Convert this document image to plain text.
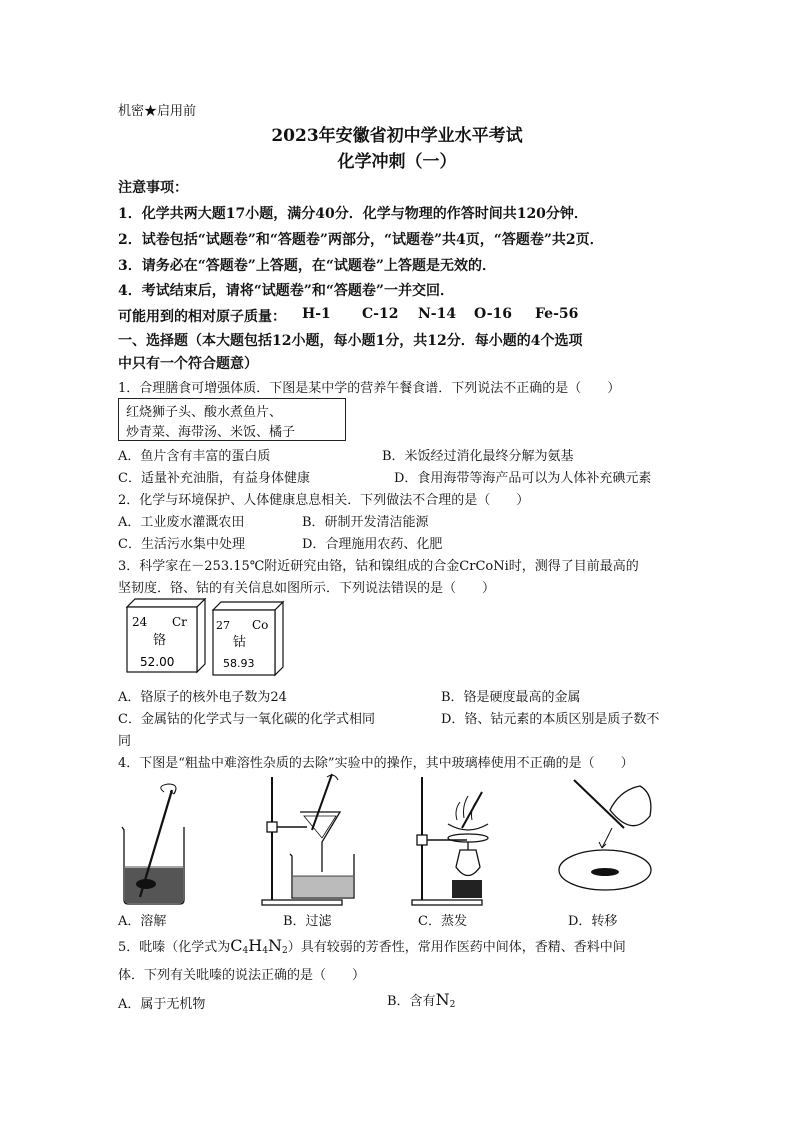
机密★启用前
2023年安徽省初中学业水平考试
化学冲刺（一）
注意事项：
1．化学共两大题17小题，满分40分．化学与物理的作答时间共120分钟．
2．试卷包括“试题卷”和“答题卷”两部分，“试题卷”共4页，“答题卷”共2页．
3．请务必在“答题卷”上答题，在“试题卷”上答题是无效的．
4．考试结束后，请将“试题卷”和“答题卷”一并交回．
可能用到的相对原子质量： H-1 C-12 N-14 O-16 Fe-56
一、选择题（本大题包括12小题，每小题1分，共12分．每小题的4个选项
中只有一个符合题意）
1．合理膳食可增强体质．下图是某中学的营养午餐食谱．下列说法不正确的是（　　）
红烧狮子头、酸水煮鱼片、
炒青菜、海带汤、米饭、橘子
A．鱼片含有丰富的蛋白质	B．米饭经过消化最终分解为氨基
C．适量补充油脂，有益身体健康	D．食用海带等海产品可以为人体补充碘元素
2．化学与环境保护、人体健康息息相关．下列做法不合理的是（　　）
A．工业废水灌溉农田	B．研制开发清洁能源
C．生活污水集中处理	D．合理施用农药、化肥
3．科学家在－253.15℃附近研究由铬，钴和镍组成的合金CrCoNi时，测得了目前最高的
坚韧度．铬、钴的有关信息如图所示．下列说法错误的是（　　）
24 Cr
铬
52.00
27 Co
钴
58.93
A．铬原子的核外电子数为24	B．铬是硬度最高的金属
C．金属钴的化学式与一氧化碳的化学式相同	D．铬、钴元素的本质区别是质子数不
同
4．下图是“粗盐中难溶性杂质的去除”实验中的操作，其中玻璃棒使用不正确的是（　　）
A．溶解	B．过滤	C．蒸发	D．转移
5．吡嗪（化学式为$C_4H_4N_2$）具有较弱的芳香性，常用作医药中间体，香精、香料中间
体．下列有关吡嗪的说法正确的是（　　）
A．属于无机物	B．含有$N_2$
